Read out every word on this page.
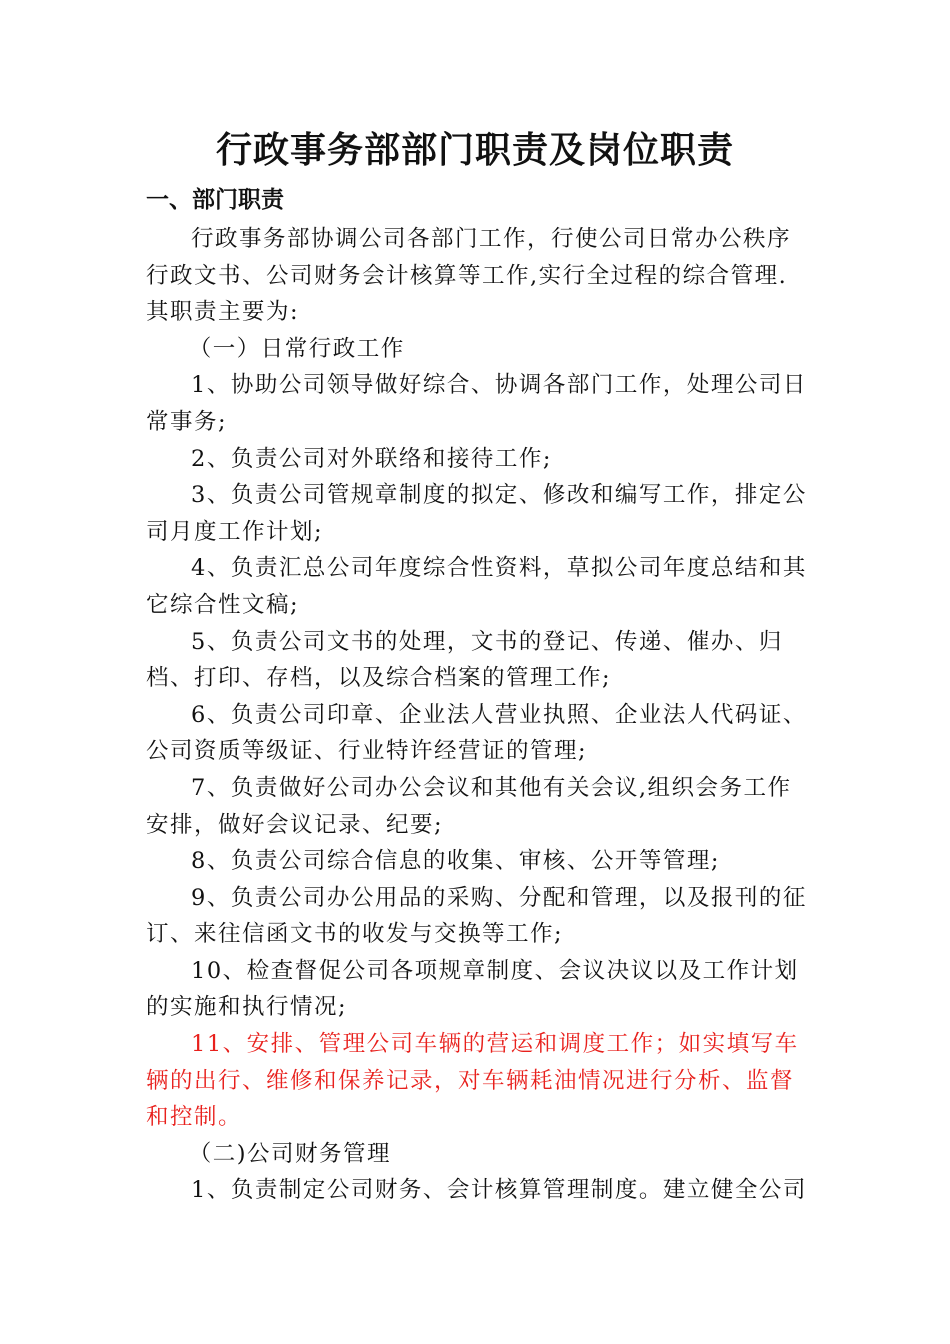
行政事务部部门职责及岗位职责
一、部门职责

行政事务部协调公司各部门工作，行使公司日常办公秩序行政文书、公司财务会计核算等工作,实行全过程的综合管理.其职责主要为:

（一）日常行政工作

1、协助公司领导做好综合、协调各部门工作，处理公司日常事务;

2、负责公司对外联络和接待工作;

3、负责公司管规章制度的拟定、修改和编写工作，排定公司月度工作计划;

4、负责汇总公司年度综合性资料，草拟公司年度总结和其它综合性文稿;

5、负责公司文书的处理，文书的登记、传递、催办、归档、打印、存档，以及综合档案的管理工作;

6、负责公司印章、企业法人营业执照、企业法人代码证、公司资质等级证、行业特许经营证的管理;

7、负责做好公司办公会议和其他有关会议,组织会务工作安排，做好会议记录、纪要;

8、负责公司综合信息的收集、审核、公开等管理;

9、负责公司办公用品的采购、分配和管理，以及报刊的征订、来往信函文书的收发与交换等工作;

10、检查督促公司各项规章制度、会议决议以及工作计划的实施和执行情况;

11、安排、管理公司车辆的营运和调度工作；如实填写车辆的出行、维修和保养记录，对车辆耗油情况进行分析、监督和控制。

（二)公司财务管理

1、负责制定公司财务、会计核算管理制度。建立健全公司
